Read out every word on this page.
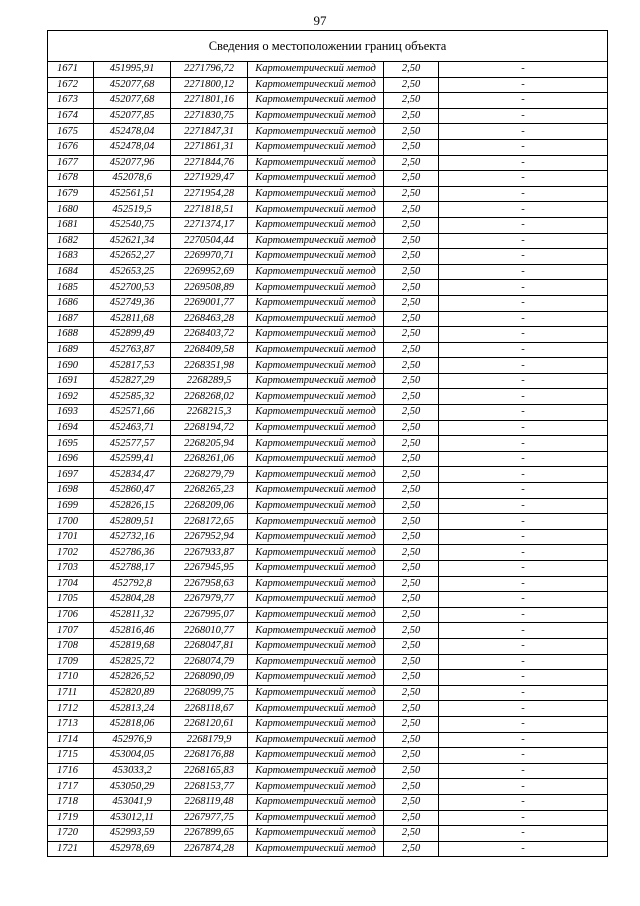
97
Сведения о местоположении границ объекта					
1671	451995,91	2271796,72	Картометрический метод	2,50	-
1672	452077,68	2271800,12	Картометрический метод	2,50	-
1673	452077,68	2271801,16	Картометрический метод	2,50	-
1674	452077,85	2271830,75	Картометрический метод	2,50	-
1675	452478,04	2271847,31	Картометрический метод	2,50	-
1676	452478,04	2271861,31	Картометрический метод	2,50	-
1677	452077,96	2271844,76	Картометрический метод	2,50	-
1678	452078,6	2271929,47	Картометрический метод	2,50	-
1679	452561,51	2271954,28	Картометрический метод	2,50	-
1680	452519,5	2271818,51	Картометрический метод	2,50	-
1681	452540,75	2271374,17	Картометрический метод	2,50	-
1682	452621,34	2270504,44	Картометрический метод	2,50	-
1683	452652,27	2269970,71	Картометрический метод	2,50	-
1684	452653,25	2269952,69	Картометрический метод	2,50	-
1685	452700,53	2269508,89	Картометрический метод	2,50	-
1686	452749,36	2269001,77	Картометрический метод	2,50	-
1687	452811,68	2268463,28	Картометрический метод	2,50	-
1688	452899,49	2268403,72	Картометрический метод	2,50	-
1689	452763,87	2268409,58	Картометрический метод	2,50	-
1690	452817,53	2268351,98	Картометрический метод	2,50	-
1691	452827,29	2268289,5	Картометрический метод	2,50	-
1692	452585,32	2268268,02	Картометрический метод	2,50	-
1693	452571,66	2268215,3	Картометрический метод	2,50	-
1694	452463,71	2268194,72	Картометрический метод	2,50	-
1695	452577,57	2268205,94	Картометрический метод	2,50	-
1696	452599,41	2268261,06	Картометрический метод	2,50	-
1697	452834,47	2268279,79	Картометрический метод	2,50	-
1698	452860,47	2268265,23	Картометрический метод	2,50	-
1699	452826,15	2268209,06	Картометрический метод	2,50	-
1700	452809,51	2268172,65	Картометрический метод	2,50	-
1701	452732,16	2267952,94	Картометрический метод	2,50	-
1702	452786,36	2267933,87	Картометрический метод	2,50	-
1703	452788,17	2267945,95	Картометрический метод	2,50	-
1704	452792,8	2267958,63	Картометрический метод	2,50	-
1705	452804,28	2267979,77	Картометрический метод	2,50	-
1706	452811,32	2267995,07	Картометрический метод	2,50	-
1707	452816,46	2268010,77	Картометрический метод	2,50	-
1708	452819,68	2268047,81	Картометрический метод	2,50	-
1709	452825,72	2268074,79	Картометрический метод	2,50	-
1710	452826,52	2268090,09	Картометрический метод	2,50	-
1711	452820,89	2268099,75	Картометрический метод	2,50	-
1712	452813,24	2268118,67	Картометрический метод	2,50	-
1713	452818,06	2268120,61	Картометрический метод	2,50	-
1714	452976,9	2268179,9	Картометрический метод	2,50	-
1715	453004,05	2268176,88	Картометрический метод	2,50	-
1716	453033,2	2268165,83	Картометрический метод	2,50	-
1717	453050,29	2268153,77	Картометрический метод	2,50	-
1718	453041,9	2268119,48	Картометрический метод	2,50	-
1719	453012,11	2267977,75	Картометрический метод	2,50	-
1720	452993,59	2267899,65	Картометрический метод	2,50	-
1721	452978,69	2267874,28	Картометрический метод	2,50	-
